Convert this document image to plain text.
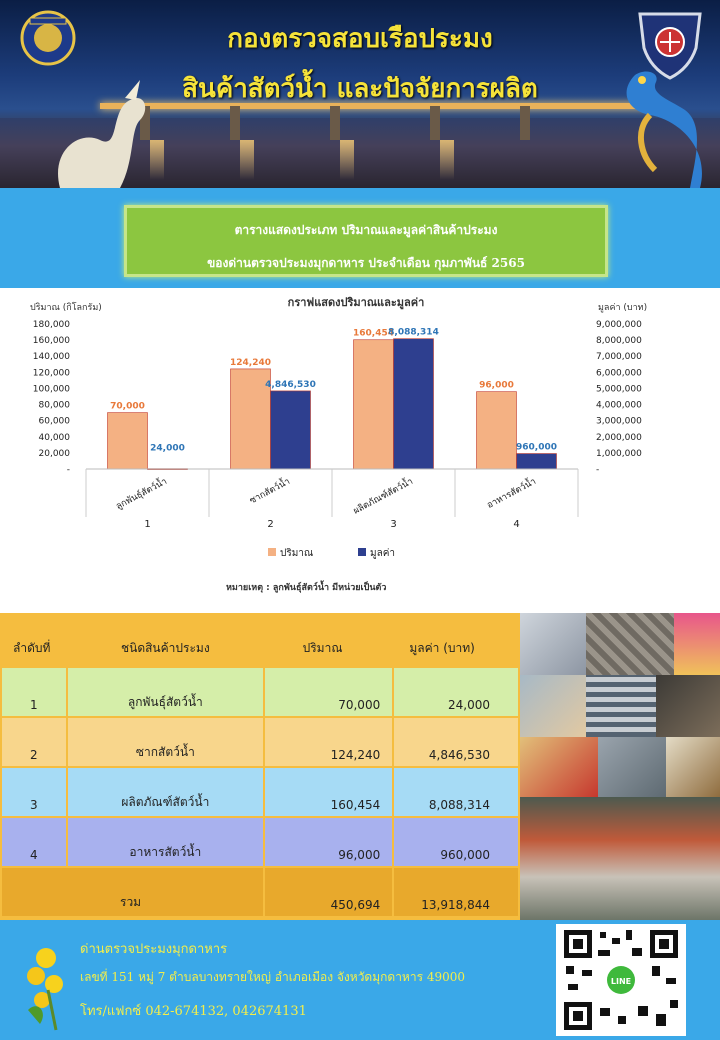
กองตรวจสอบเรือประมง
สินค้าสัตว์น้ำ และปัจจัยการผลิต
ตารางแสดงประเภท ปริมาณและมูลค่าสินค้าประมง
ของด่านตรวจประมงมุกดาหาร ประจำเดือน กุมภาพันธ์ 2565
กราฟแสดงปริมาณและมูลค่า
ปริมาณ (กิโลกรัม)	มูลค่า (บาท)
-
20,000
40,000
60,000
80,000
100,000
120,000
140,000
160,000
180,000
-
1,000,000
2,000,000
3,000,000
4,000,000
5,000,000
6,000,000
7,000,000
8,000,000
9,000,000
70,000
124,240
160,454
96,000
24,000
4,846,530
8,088,314
960,000
ลูกพันธุ์สัตว์น้ำ
1
ซากสัตว์น้ำ
2
ผลิตภัณฑ์สัตว์น้ำ
3
อาหารสัตว์น้ำ
4
ปริมาณ	มูลค่า
หมายเหตุ : ลูกพันธุ์สัตว์น้ำ มีหน่วยเป็นตัว
ลำดับที่	ชนิดสินค้าประมง	ปริมาณ	มูลค่า (บาท)
1	ลูกพันธุ์สัตว์น้ำ	70,000	24,000
2	ซากสัตว์น้ำ	124,240	4,846,530
3	ผลิตภัณฑ์สัตว์น้ำ	160,454	8,088,314
4	อาหารสัตว์น้ำ	96,000	960,000
รวม		450,694	13,918,844
ด่านตรวจประมงมุกดาหาร
เลขที่ 151 หมู่ 7 ตำบลบางทรายใหญ่ อำเภอเมือง จังหวัดมุกดาหาร 49000
โทร/แฟกซ์ 042-674132, 042674131
LINE
